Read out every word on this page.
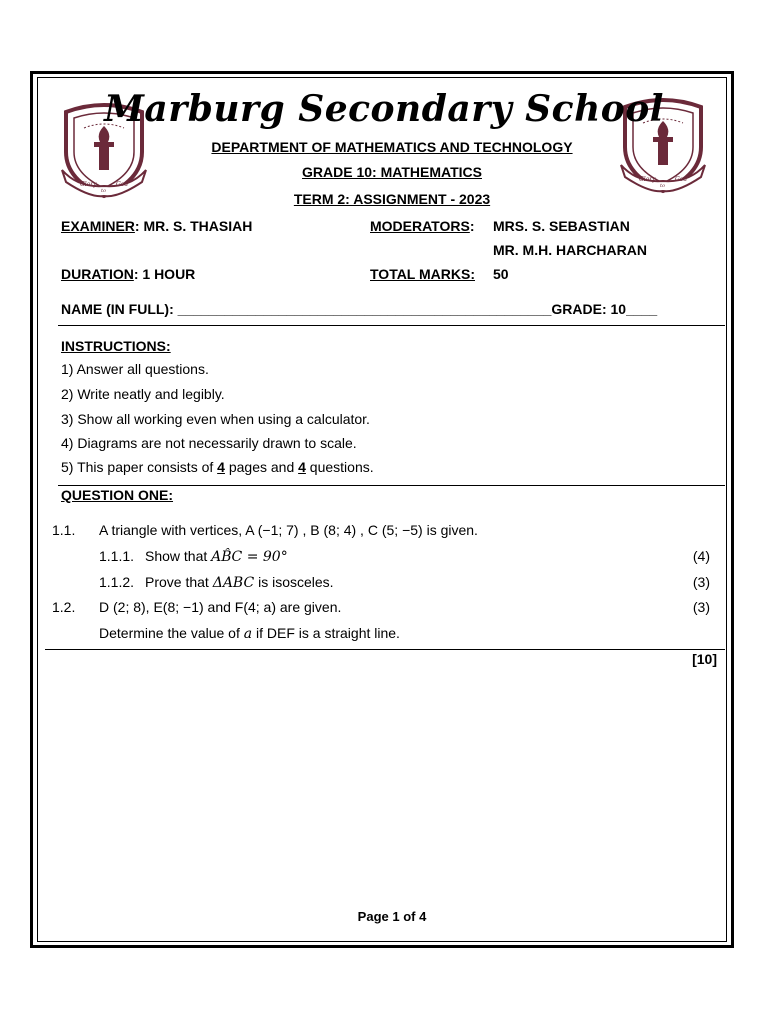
Glory
to
God
Glory
to
God
Marburg Secondary School
DEPARTMENT OF MATHEMATICS AND TECHNOLOGY
GRADE 10: MATHEMATICS
TERM 2: ASSIGNMENT - 2023
EXAMINER: MR. S. THASIAH	MODERATORS: MRS. S. SEBASTIAN
MR. M.H. HARCHARAN
DURATION: 1 HOUR	TOTAL MARKS: 50
NAME (IN FULL): ________________________________________________GRADE: 10____
INSTRUCTIONS:
1) Answer all questions.
2) Write neatly and legibly.
3) Show all working even when using a calculator.
4) Diagrams are not necessarily drawn to scale.
5) This paper consists of 4 pages and 4 questions.
QUESTION ONE:
1.1. A triangle with vertices, A (−1; 7) , B (8; 4) , C (5; −5) is given.
1.1.1. Show that AB̂C = 90°	(4)
1.1.2. Prove that ΔABC is isosceles.	(3)
1.2. D (2; 8), E(8; −1) and F(4; a) are given.	(3)
Determine the value of a if DEF is a straight line.
[10]
Page 1 of 4
